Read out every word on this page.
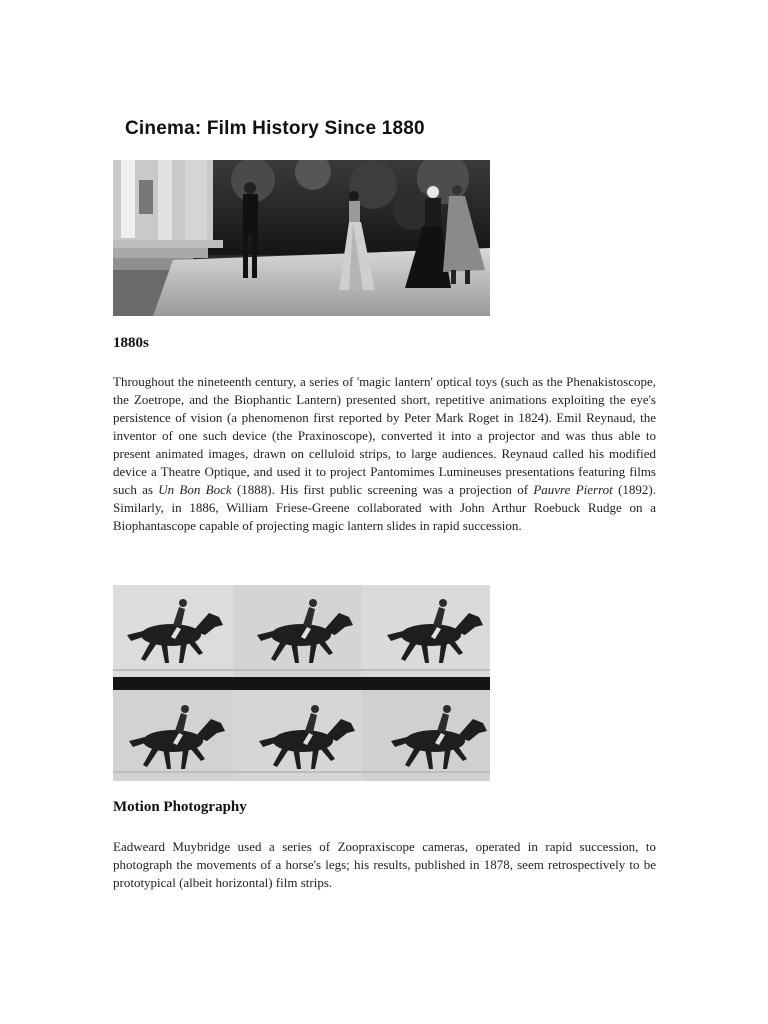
Cinema: Film History Since 1880
1880s

Throughout the nineteenth century, a series of 'magic lantern' optical toys (such as the Phenakistoscope, the Zoetrope, and the Biophantic Lantern) presented short, repetitive animations exploiting the eye's persistence of vision (a phenomenon first reported by Peter Mark Roget in 1824). Emil Reynaud, the inventor of one such device (the Praxinoscope), converted it into a projector and was thus able to present animated images, drawn on celluloid strips, to large audiences. Reynaud called his modified device a Theatre Optique, and used it to project Pantomimes Lumineuses presentations featuring films such as Un Bon Bock (1888). His first public screening was a projection of Pauvre Pierrot (1892). Similarly, in 1886, William Friese-Greene collaborated with John Arthur Roebuck Rudge on a Biophantascope capable of projecting magic lantern slides in rapid succession.

Motion Photography

Eadweard Muybridge used a series of Zoopraxiscope cameras, operated in rapid succession, to photograph the movements of a horse's legs; his results, published in 1878, seem retrospectively to be prototypical (albeit horizontal) film strips.
